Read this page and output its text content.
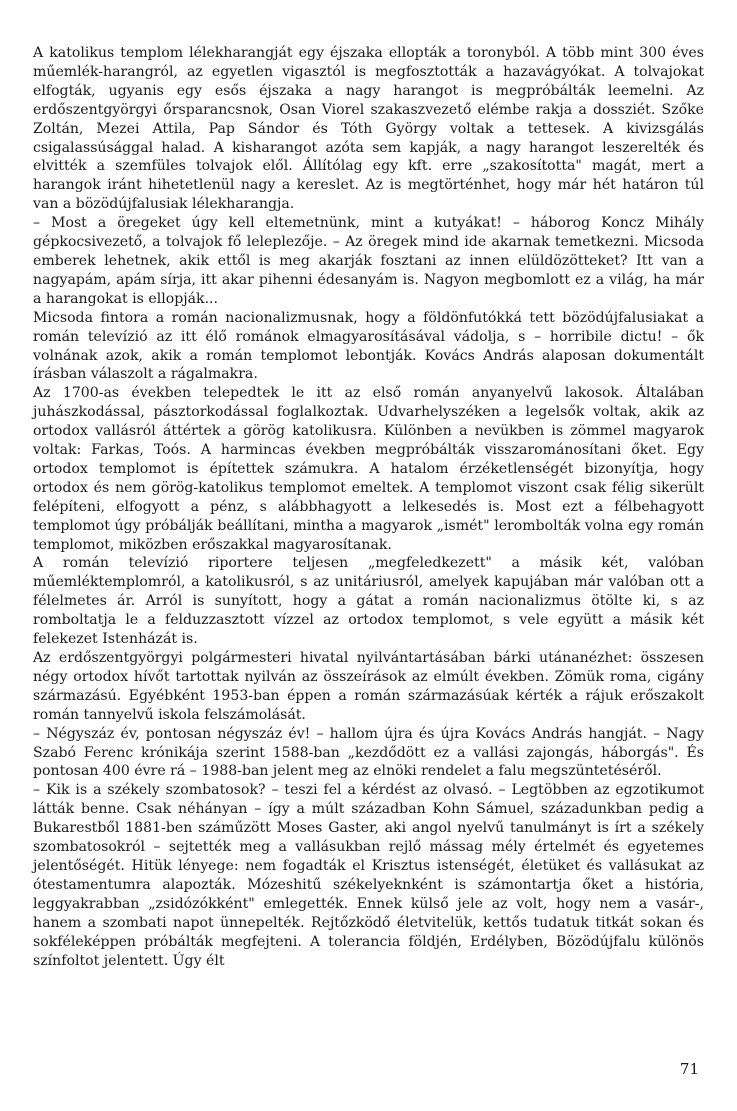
A katolikus templom lélekharangját egy éjszaka ellopták a toronyból. A több mint 300 éves műemlék-harangról, az egyetlen vigasztól is megfosztották a hazavágyókat. A tolvajokat elfogták, ugyanis egy esős éjszaka a nagy harangot is megpróbálták leemelni. Az erdőszentgyörgyi őrsparancsnok, Osan Viorel szakaszvezető elémbe rakja a dossziét. Szőke Zoltán, Mezei Attila, Pap Sándor és Tóth György voltak a tettesek. A kivizsgálás csigalassúsággal halad. A kisharangot azóta sem kapják, a nagy harangot leszerelték és elvitték a szemfüles tolvajok elől. Állítólag egy kft. erre „szakosította" magát, mert a harangok iránt hihetetlenül nagy a kereslet. Az is megtörténhet, hogy már hét határon túl van a bözödújfalusiak lélekharangja.

– Most a öregeket úgy kell eltemetnünk, mint a kutyákat! – háborog Koncz Mihály gépkocsivezető, a tolvajok fő leleplezője. – Az öregek mind ide akarnak temetkezni. Micsoda emberek lehetnek, akik ettől is meg akarják fosztani az innen elüldözötteket? Itt van a nagyapám, apám sírja, itt akar pihenni édesanyám is. Nagyon megbomlott ez a világ, ha már a harangokat is ellopják...

Micsoda fintora a román nacionalizmusnak, hogy a földönfutókká tett bözödújfalusiakat a román televízió az itt élő románok elmagyarosításával vádolja, s – horribile dictu! – ők volnának azok, akik a román templomot lebontják. Kovács András alaposan dokumentált írásban válaszolt a rágalmakra.

Az 1700-as években telepedtek le itt az első román anyanyelvű lakosok. Általában juhászkodással, pásztorkodással foglalkoztak. Udvarhelyszéken a legelsők voltak, akik az ortodox vallásról áttértek a görög katolikusra. Különben a nevükben is zömmel magyarok voltak: Farkas, Toós. A harmincas években megpróbálták visszarománosítani őket. Egy ortodox templomot is építettek számukra. A hatalom érzéketlenségét bizonyítja, hogy ortodox és nem görög-katolikus templomot emeltek. A templomot viszont csak félig sikerült felépíteni, elfogyott a pénz, s alábbhagyott a lelkesedés is. Most ezt a félbehagyott templomot úgy próbálják beállítani, mintha a magyarok „ismét" lerombolták volna egy román templomot, miközben erőszakkal magyarosítanak.

A román televízió riportere teljesen „megfeledkezett" a másik két, valóban műemléktemplomról, a katolikusról, s az unitáriusról, amelyek kapujában már valóban ott a félelmetes ár. Arról is sunyított, hogy a gátat a román nacionalizmus ötölte ki, s az romboltatja le a felduzzasztott vízzel az ortodox templomot, s vele együtt a másik két felekezet Istenházát is.

Az erdőszentgyörgyi polgármesteri hivatal nyilvántartásában bárki utánanézhet: összesen négy ortodox hívőt tartottak nyilván az összeírások az elmúlt években. Zömük roma, cigány származású. Egyébként 1953-ban éppen a román származásúak kérték a rájuk erőszakolt román tannyelvű iskola felszámolását.

– Négyszáz év, pontosan négyszáz év! – hallom újra és újra Kovács András hangját. – Nagy Szabó Ferenc krónikája szerint 1588-ban „kezdődött ez a vallási zajongás, háborgás". És pontosan 400 évre rá – 1988-ban jelent meg az elnöki rendelet a falu megszüntetéséről.

– Kik is a székely szombatosok? – teszi fel a kérdést az olvasó. – Legtöbben az egzotikumot látták benne. Csak néhányan – így a múlt században Kohn Sámuel, századunkban pedig a Bukarestből 1881-ben száműzött Moses Gaster, aki angol nyelvű tanulmányt is írt a székely szombatosokról – sejtették meg a vallásukban rejlő mássag mély értelmét és egyetemes jelentőségét. Hitük lényege: nem fogadták el Krisztus istenségét, életüket és vallásukat az ótestamentumra alapozták. Mózeshitű székelyeknként is számontartja őket a história, leggyakrabban „zsidózókként" emlegették. Ennek külső jele az volt, hogy nem a vasár-, hanem a szombati napot ünnepelték. Rejtőzködő életvitelük, kettős tudatuk titkát sokan és sokféleképpen próbálták megfejteni. A tolerancia földjén, Erdélyben, Bözödújfalu különös színfoltot jelentett. Úgy élt

71
